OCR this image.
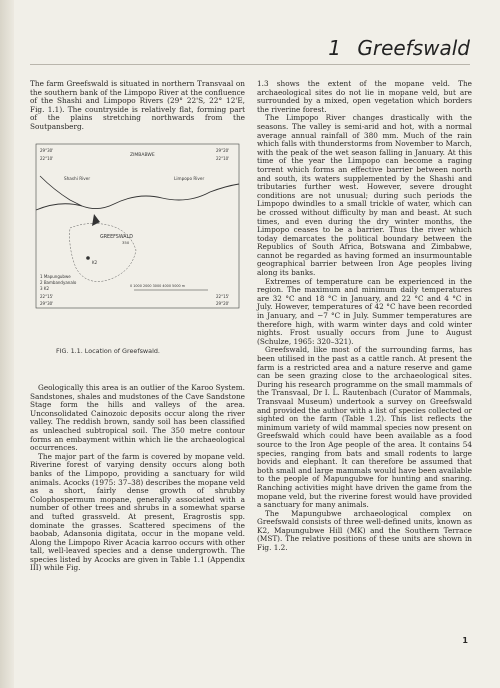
1 Greefswald

The farm Greefswald is situated in northern Transvaal on the southern bank of the Limpopo River at the confluence of the Shashi and Limpopo Rivers (29° 22'S, 22° 12'E, Fig. 1.1). The countryside is relatively flat, forming part of the plains stretching northwards from the Soutpansberg.

ZIMBABWE
Shashi River	Limpopo River
GREEFSWALD
K2
350
29°30'
22°10'
29°20'
22°10'
22°15'
29°30'
22°15'
29°20'
1 Mapungubwe
2 Bambandyanalo
3 K2	0 1000 2000 3000 4000 5000 m
FIG. 1.1. Location of Greefswald.

Geologically this area is an outlier of the Karoo System. Sandstones, shales and mudstones of the Cave Sandstone Stage form the hills and valleys of the area. Unconsolidated Cainozoic deposits occur along the river valley. The reddish brown, sandy soil has been classified as unleached subtropical soil. The 350 metre contour forms an embayment within which lie the archaeological occurrences.

The major part of the farm is covered by mopane veld. Riverine forest of varying density occurs along both banks of the Limpopo, providing a sanctuary for wild animals. Acocks (1975: 37–38) describes the mopane veld as a short, fairly dense growth of shrubby Colophospermum mopane, generally associated with a number of other trees and shrubs in a somewhat sparse and tufted grassveld. At present, Eragrostis spp. dominate the grasses. Scattered specimens of the baobab, Adansonia digitata, occur in the mopane veld. Along the Limpopo River Acacia karroo occurs with other tall, well-leaved species and a dense undergrowth. The species listed by Acocks are given in Table 1.1 (Appendix III) while Fig.

1.3 shows the extent of the mopane veld. The archaeological sites do not lie in mopane veld, but are surrounded by a mixed, open vegetation which borders the riverine forest.

The Limpopo River changes drastically with the seasons. The valley is semi-arid and hot, with a normal average annual rainfall of 380 mm. Much of the rain which falls with thunderstorms from November to March, with the peak of the wet season falling in January. At this time of the year the Limpopo can become a raging torrent which forms an effective barrier between north and south, its waters supplemented by the Shashi and tributaries further west. However, severe drought conditions are not unusual; during such periods the Limpopo dwindles to a small trickle of water, which can be crossed without difficulty by man and beast. At such times, and even during the dry winter months, the Limpopo ceases to be a barrier. Thus the river which today demarcates the political boundary between the Republics of South Africa, Botswana and Zimbabwe, cannot be regarded as having formed an insurmountable geographical barrier between Iron Age peoples living along its banks.

Extremes of temperature can be experienced in the region. The maximum and minimum daily temperatures are 32 °C and 18 °C in January, and 22 °C and 4 °C in July. However, temperatures of 42 °C have been recorded in January, and −7 °C in July. Summer temperatures are therefore high, with warm winter days and cold winter nights. Frost usually occurs from June to August (Schulze, 1965: 320–321).

Greefswald, like most of the surrounding farms, has been utilised in the past as a cattle ranch. At present the farm is a restricted area and a nature reserve and game can be seen grazing close to the archaeological sites. During his research programme on the small mammals of the Transvaal, Dr I. L. Rautenbach (Curator of Mammals, Transvaal Museum) undertook a survey on Greefswald and provided the author with a list of species collected or sighted on the farm (Table 1.2). This list reflects the minimum variety of wild mammal species now present on Greefswald which could have been available as a food source to the Iron Age people of the area. It contains 54 species, ranging from bats and small rodents to large bovids and elephant. It can therefore be assumed that both small and large mammals would have been available to the people of Mapungubwe for hunting and snaring. Ranching activities might have driven the game from the mopane veld, but the riverine forest would have provided a sanctuary for many animals.

The Mapungubwe archaeological complex on Greefswald consists of three well-defined units, known as K2, Mapungubwe Hill (MK) and the Southern Terrace (MST). The relative positions of these units are shown in Fig. 1.2.

1
